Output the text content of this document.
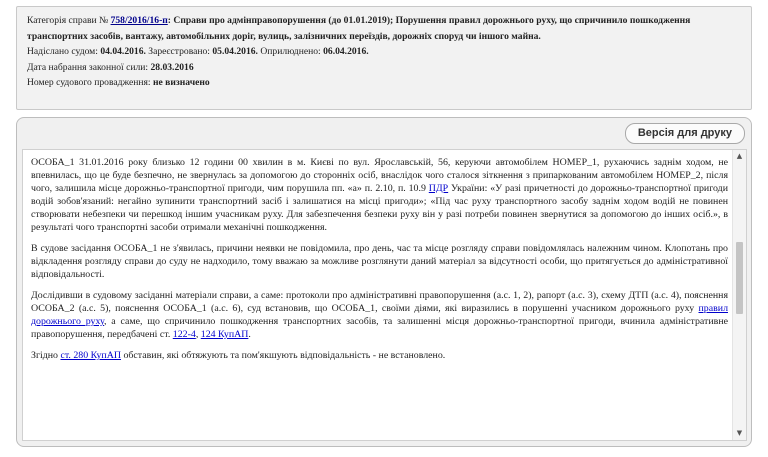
Категорія справи № 758/2016/16-п: Справи про адмінправопорушення (до 01.01.2019); Порушення правил дорожнього руху, що спричинило пошкодження транспортних засобів, вантажу, автомобільних доріг, вулиць, залізничних переїздів, дорожніх споруд чи іншого майна.
Надіслано судом: 04.04.2016. Зареєстровано: 05.04.2016. Оприлюднено: 06.04.2016.
Дата набрання законної сили: 28.03.2016
Номер судового провадження: не визначено
Версія для друку

ОСОБА_1 31.01.2016 року близько 12 години 00 хвилин в м. Києві по вул. Ярославській, 56, керуючи автомобілем НОМЕР_1, рухаючись заднім ходом, не впевнилась, що це буде безпечно, не звернулась за допомогою до сторонніх осіб, внаслідок чого сталося зіткнення з припаркованим автомобілем НОМЕР_2, після чого, залишила місце дорожньо-транспортної пригоди, чим порушила пп. «а» п. 2.10, п. 10.9 ПДР України: «У разі причетності до дорожньо-транспортної пригоди водій зобов'язаний: негайно зупинити транспортний засіб і залишатися на місці пригоди»; «Під час руху транспортного засобу заднім ходом водій не повинен створювати небезпеки чи перешкод іншим учасникам руху. Для забезпечення безпеки руху він у разі потреби повинен звернутися за допомогою до інших осіб.», в результаті чого транспортні засоби отримали механічні пошкодження.

В судове засідання ОСОБА_1 не з'явилась, причини неявки не повідомила, про день, час та місце розгляду справи повідомлялась належним чином. Клопотань про відкладення розгляду справи до суду не надходило, тому вважаю за можливе розглянути даний матеріал за відсутності особи, що притягується до адміністративної відповідальності.

Дослідивши в судовому засіданні матеріали справи, а саме: протоколи про адміністративні правопорушення (а.с. 1, 2), рапорт (а.с. 3), схему ДТП (а.с. 4), пояснення ОСОБА_2 (а.с. 5), пояснення ОСОБА_1 (а.с. 6), суд встановив, що ОСОБА_1, своїми діями, які виразились в порушенні учасником дорожнього руху правил дорожнього руху, а саме, що спричинило пошкодження транспортних засобів, та залишенні місця дорожньо-транспортної пригоди, вчинила адміністративне правопорушення, передбачені ст. 122-4, 124 КупАП.

Згідно ст. 280 КупАП обставин, які обтяжують та пом'якшують відповідальність - не встановлено.

▲
▼
